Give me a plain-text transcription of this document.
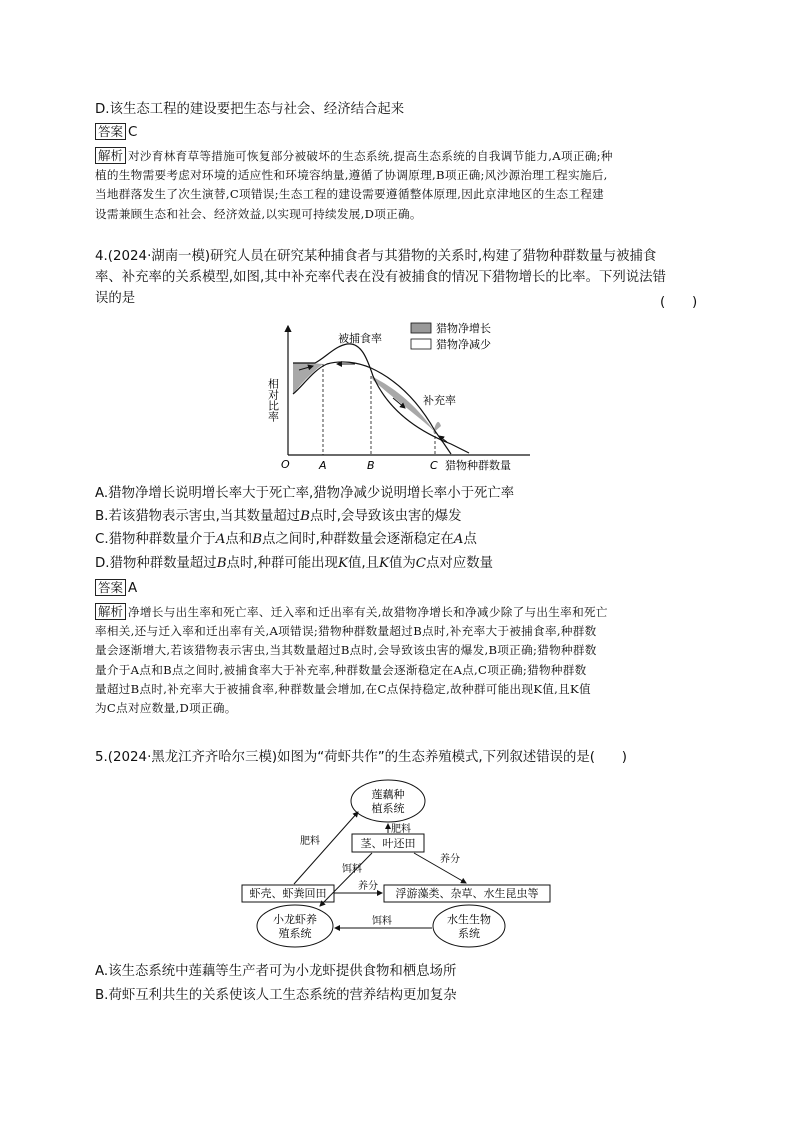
D.该生态工程的建设要把生态与社会、经济结合起来
答案 C
解析 对沙育林育草等措施可恢复部分被破坏的生态系统,提高生态系统的自我调节能力,A项正确;种
植的生物需要考虑对环境的适应性和环境容纳量,遵循了协调原理,B项正确;风沙源治理工程实施后,
当地群落发生了次生演替,C项错误;生态工程的建设需要遵循整体原理,因此京津地区的生态工程建
设需兼顾生态和社会、经济效益,以实现可持续发展,D项正确。
4.(2024·湖南一模)研究人员在研究某种捕食者与其猎物的关系时,构建了猎物种群数量与被捕食
率、补充率的关系模型,如图,其中补充率代表在没有被捕食的情况下猎物增长的比率。下列说法错
误的是	(　　)
猎物净增长
猎物净减少
被捕食率
补充率
相对比率
O	A	B	C 猎物种群数量
A.猎物净增长说明增长率大于死亡率,猎物净减少说明增长率小于死亡率
B.若该猎物表示害虫,当其数量超过B点时,会导致该虫害的爆发
C.猎物种群数量介于A点和B点之间时,种群数量会逐渐稳定在A点
D.猎物种群数量超过B点时,种群可能出现K值,且K值为C点对应数量
答案 A
解析 净增长与出生率和死亡率、迁入率和迁出率有关,故猎物净增长和净减少除了与出生率和死亡
率相关,还与迁入率和迁出率有关,A项错误;猎物种群数量超过B点时,补充率大于被捕食率,种群数
量会逐渐增大,若该猎物表示害虫,当其数量超过B点时,会导致该虫害的爆发,B项正确;猎物种群数
量介于A点和B点之间时,被捕食率大于补充率,种群数量会逐渐稳定在A点,C项正确;猎物种群数
量超过B点时,补充率大于被捕食率,种群数量会增加,在C点保持稳定,故种群可能出现K值,且K值
为C点对应数量,D项正确。
5.(2024·黑龙江齐齐哈尔三模)如图为“荷虾共作”的生态养殖模式,下列叙述错误的是(　　)
莲藕种
植系统
茎、叶还田
虾壳、虾粪回田	浮游藻类、杂草、水生昆虫等
小龙虾养
殖系统
水生生物
系统
肥料
肥料
养分
养分
饵料
饵料
A.该生态系统中莲藕等生产者可为小龙虾提供食物和栖息场所
B.荷虾互利共生的关系使该人工生态系统的营养结构更加复杂
